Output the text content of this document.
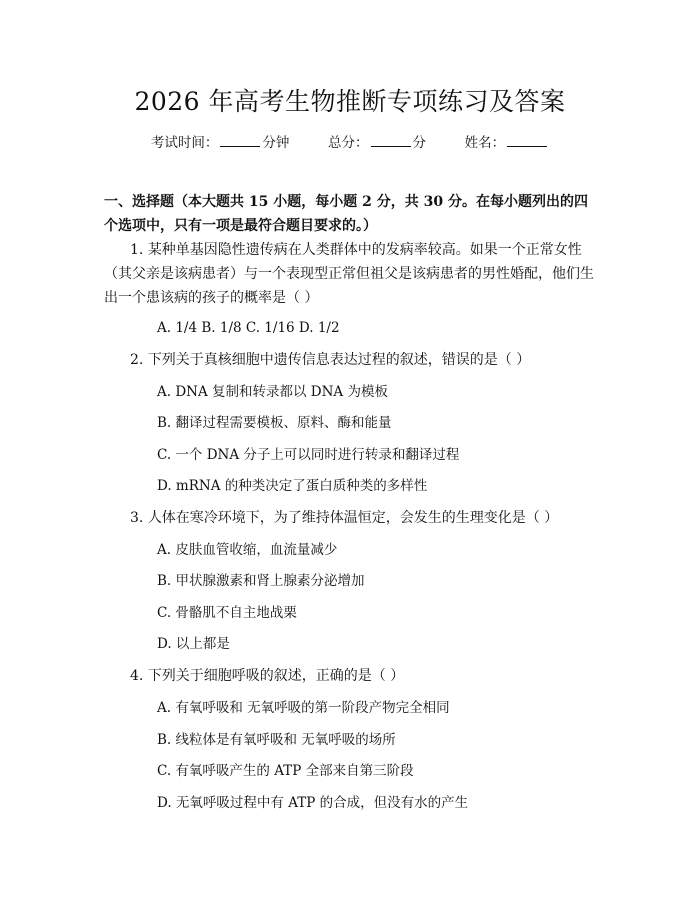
2026 年高考生物推断专项练习及答案
考试时间：	分钟	总分：	分	姓名：
一、选择题（本大题共 15 小题，每小题 2 分，共 30 分。在每小题列出的四个选项中，只有一项是最符合题目要求的。）
1. 某种单基因隐性遗传病在人类群体中的发病率较高。如果一个正常女性（其父亲是该病患者）与一个表现型正常但祖父是该病患者的男性婚配，他们生出一个患该病的孩子的概率是（ ）
A. 1/4 B. 1/8 C. 1/16 D. 1/2
2. 下列关于真核细胞中遗传信息表达过程的叙述，错误的是（ ）
A. DNA 复制和转录都以 DNA 为模板
B. 翻译过程需要模板、原料、酶和能量
C. 一个 DNA 分子上可以同时进行转录和翻译过程
D. mRNA 的种类决定了蛋白质种类的多样性
3. 人体在寒冷环境下，为了维持体温恒定，会发生的生理变化是（ ）
A. 皮肤血管收缩，血流量减少
B. 甲状腺激素和肾上腺素分泌增加
C. 骨骼肌不自主地战栗
D. 以上都是
4. 下列关于细胞呼吸的叙述，正确的是（ ）
A. 有氧呼吸和 无氧呼吸的第一阶段产物完全相同
B. 线粒体是有氧呼吸和 无氧呼吸的场所
C. 有氧呼吸产生的 ATP 全部来自第三阶段
D. 无氧呼吸过程中有 ATP 的合成，但没有水的产生
